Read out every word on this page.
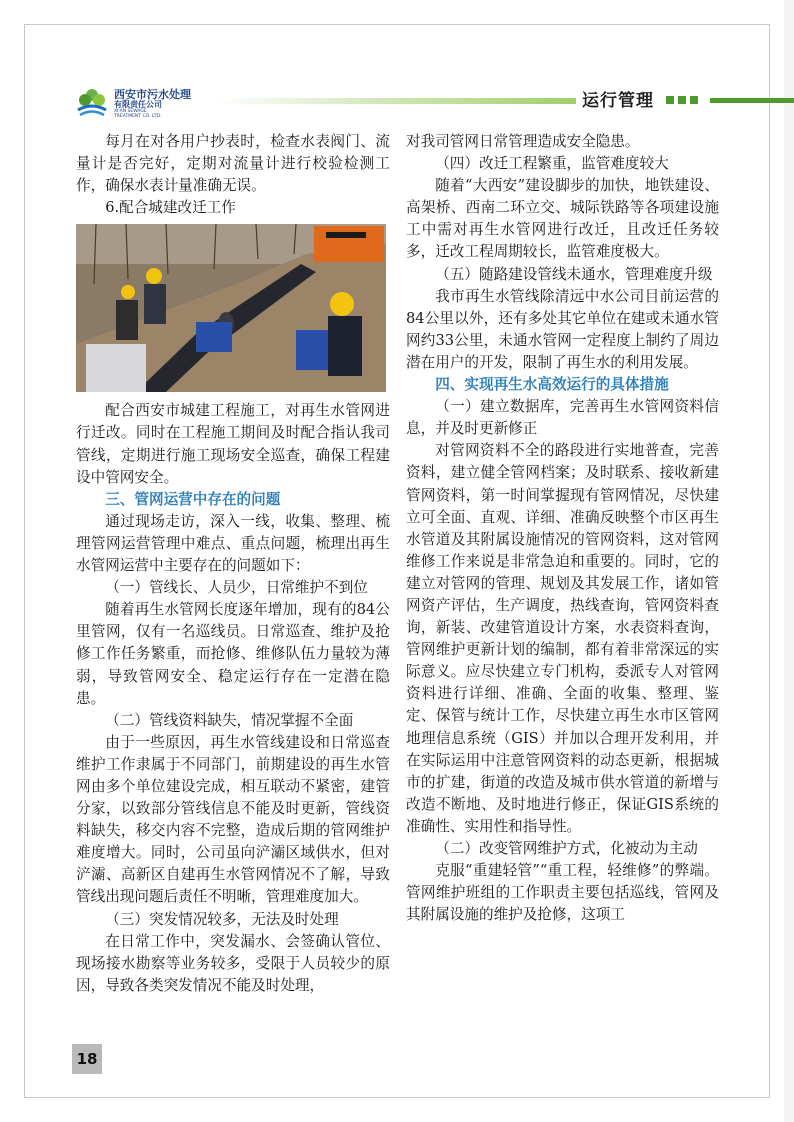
西安市污水处理
有限责任公司
XI'AN SEWAGE
TREATMENT CO. LTD.
运行管理

每月在对各用户抄表时，检查水表阀门、流量计是否完好，定期对流量计进行校验检测工作，确保水表计量准确无误。

6.配合城建改迁工作

配合西安市城建工程施工，对再生水管网进行迁改。同时在工程施工期间及时配合指认我司管线，定期进行施工现场安全巡查，确保工程建设中管网安全。

三、管网运营中存在的问题

通过现场走访，深入一线，收集、整理、梳理管网运营管理中难点、重点问题，梳理出再生水管网运营中主要存在的问题如下：

（一）管线长、人员少，日常维护不到位

随着再生水管网长度逐年增加，现有的84公里管网，仅有一名巡线员。日常巡查、维护及抢修工作任务繁重，而抢修、维修队伍力量较为薄弱，导致管网安全、稳定运行存在一定潜在隐患。

（二）管线资料缺失，情况掌握不全面

由于一些原因，再生水管线建设和日常巡查维护工作隶属于不同部门，前期建设的再生水管网由多个单位建设完成，相互联动不紧密，建管分家，以致部分管线信息不能及时更新，管线资料缺失，移交内容不完整，造成后期的管网维护难度增大。同时，公司虽向浐灞区域供水，但对浐灞、高新区自建再生水管网情况不了解，导致管线出现问题后责任不明晰，管理难度加大。

（三）突发情况较多，无法及时处理

在日常工作中，突发漏水、会签确认管位、现场接水勘察等业务较多，受限于人员较少的原因，导致各类突发情况不能及时处理，

对我司管网日常管理造成安全隐患。

（四）改迁工程繁重，监管难度较大

随着“大西安”建设脚步的加快，地铁建设、高架桥、西南二环立交、城际铁路等各项建设施工中需对再生水管网进行改迁，且改迁任务较多，迁改工程周期较长，监管难度极大。

（五）随路建设管线未通水，管理难度升级

我市再生水管线除清远中水公司目前运营的84公里以外，还有多处其它单位在建或未通水管网约33公里，未通水管网一定程度上制约了周边潜在用户的开发，限制了再生水的利用发展。

四、实现再生水高效运行的具体措施

（一）建立数据库，完善再生水管网资料信息，并及时更新修正

对管网资料不全的路段进行实地普查，完善资料，建立健全管网档案；及时联系、接收新建管网资料，第一时间掌握现有管网情况，尽快建立可全面、直观、详细、准确反映整个市区再生水管道及其附属设施情况的管网资料，这对管网维修工作来说是非常急迫和重要的。同时，它的建立对管网的管理、规划及其发展工作，诸如管网资产评估，生产调度，热线查询，管网资料查询，新装、改建管道设计方案，水表资料查询，管网维护更新计划的编制，都有着非常深远的实际意义。应尽快建立专门机构，委派专人对管网资料进行详细、准确、全面的收集、整理、鉴定、保管与统计工作，尽快建立再生水市区管网地理信息系统（GIS）并加以合理开发利用，并在实际运用中注意管网资料的动态更新，根据城市的扩建，街道的改造及城市供水管道的新增与改造不断地、及时地进行修正，保证GIS系统的准确性、实用性和指导性。

（二）改变管网维护方式，化被动为主动

克服“重建轻管”“重工程，轻维修”的弊端。管网维护班组的工作职责主要包括巡线，管网及其附属设施的维护及抢修，这项工

18
